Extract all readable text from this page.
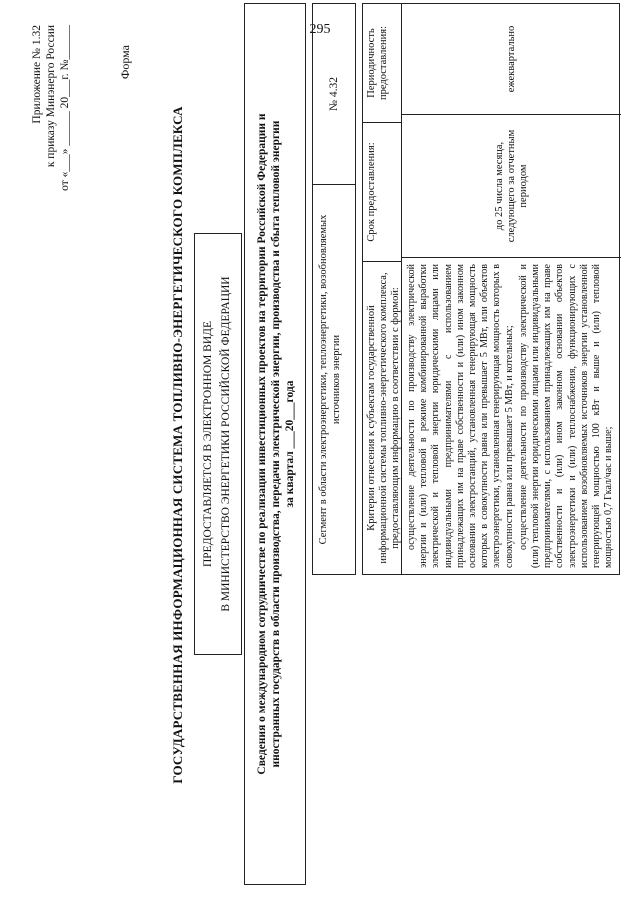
295
Приложение № 1.32 к приказу Минэнерго России от «___» ______ 20___г. №______	Форма
ГОСУДАРСТВЕННАЯ ИНФОРМАЦИОННАЯ СИСТЕМА ТОПЛИВНО-ЭНЕРГЕТИЧЕСКОГО КОМПЛЕКСА ПРЕДОСТАВЛЯЕТСЯ В ЭЛЕКТРОННОМ ВИДЕ В МИНИСТЕРСТВО ЭНЕРГЕТИКИ РОССИЙСКОЙ ФЕДЕРАЦИИ Сведения о международном сотрудничестве по реализации инвестиционных проектов на территории Российской Федерации и иностранных государств в области производства, передачи электрической энергии, производства и сбыта тепловой энергии за квартал ___20___года	Сегмент в области электроэнергетики, теплоэнергетики, возобновляемых источников энергии
№ 4.32
Критерии отнесения к субъектам государственной информационной системы топливно-энергетического комплекса, предоставляющим информацию в соответствии с формой:
Срок предоставления:
Периодичность предоставления:

осуществление деятельности по производству электрической энергии и (или) тепловой в режиме комбинированной выработки электрической и тепловой энергии юридическими лицами или индивидуальными предпринимателями с использованием принадлежащих им на праве собственности и (или) ином законном основании электростанций, установленная генерирующая мощность которых в совокупности равна или превышает 5 МВт, или объектов электроэнергетики, установленная генерирующая мощность которых в совокупности равна или превышает 5 МВт, и котельных; осуществление деятельности по производству электрической и (или) тепловой энергии юридическими лицами или индивидуальными предпринимателями, с использованием принадлежащих им на праве собственности и (или) ином законном основании объектов электроэнергетики и (или) теплоснабжения, функционирующих с использованием возобновляемых источников энергии установленной генерирующей мощностью 100 кВт и выше и (или) тепловой мощностью 0,7 Гкал/час и выше;

до 25 числа месяца, следующего за отчетным периодом
ежеквартально
